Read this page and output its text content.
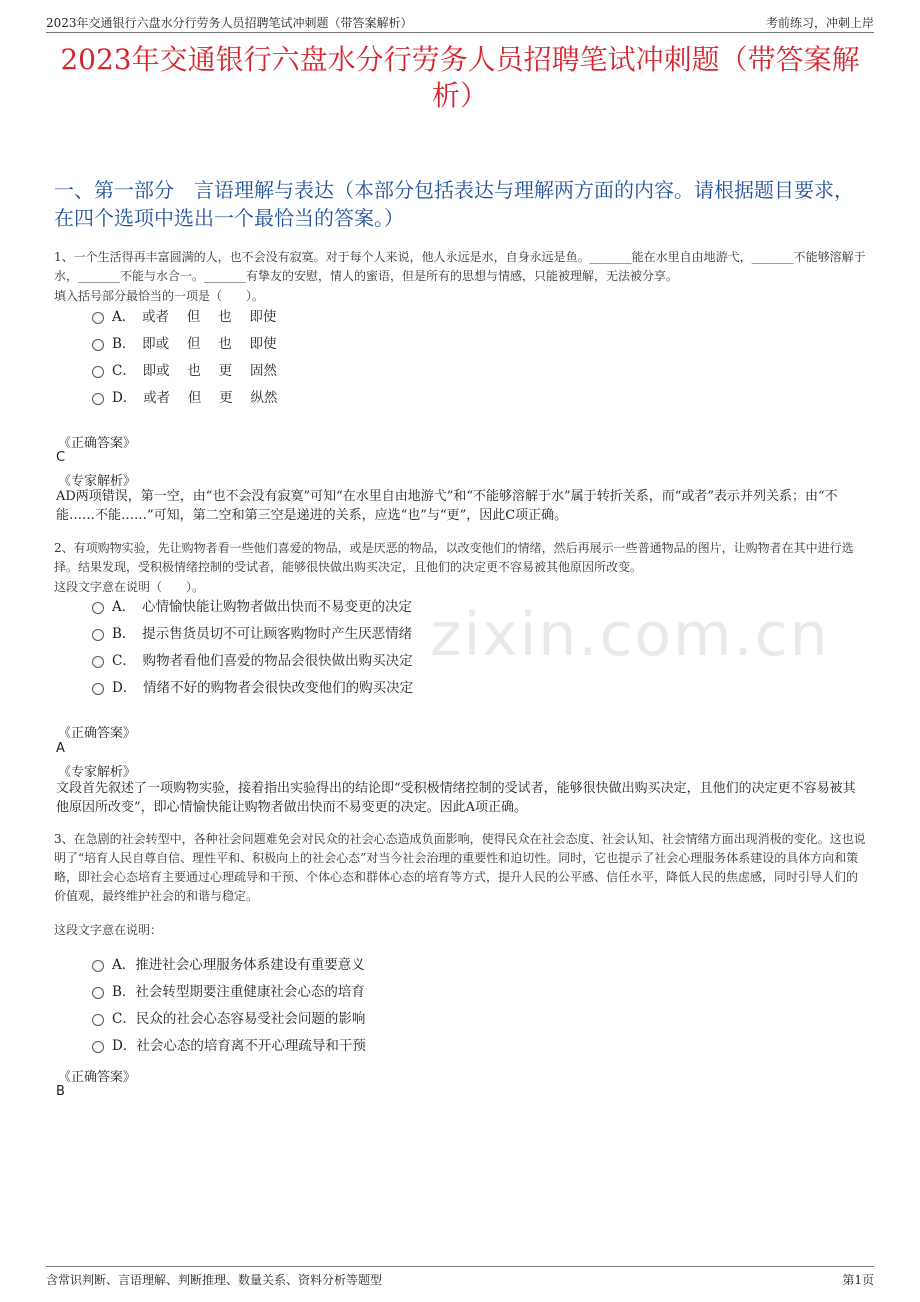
2023年交通银行六盘水分行劳务人员招聘笔试冲刺题（带答案解析）	考前练习，冲刺上岸
2023年交通银行六盘水分行劳务人员招聘笔试冲刺题（带答案解析）
一、第一部分　言语理解与表达（本部分包括表达与理解两方面的内容。请根据题目要求，在四个选项中选出一个最恰当的答案。）
zixin.com.cn
1、一个生活得再丰富圆满的人，也不会没有寂寞。对于每个人来说，他人永远是水，自身永远是鱼。_______能在水里自由地游弋，_______不能够溶解于水，_______不能与水合一。_______有挚友的安慰，情人的蜜语，但是所有的思想与情感，只能被理解，无法被分享。
填入括号部分最恰当的一项是（　　）。
A．　或者　 但　 也　 即使
B．　即或　 但　 也　 即使
C．　即或　 也　 更　 固然
D．　或者　 但　 更　 纵然
《正确答案》
C
《专家解析》
AD两项错误，第一空，由“也不会没有寂寞”可知“在水里自由地游弋”和“不能够溶解于水”属于转折关系，而“或者”表示并列关系；由“不能……不能……”可知，第二空和第三空是递进的关系，应选“也”与“更”，因此C项正确。
2、有项购物实验，先让购物者看一些他们喜爱的物品，或是厌恶的物品，以改变他们的情绪，然后再展示一些普通物品的图片，让购物者在其中进行选择。结果发现，受积极情绪控制的受试者，能够很快做出购买决定，且他们的决定更不容易被其他原因所改变。
这段文字意在说明（　　）。
A．　心情愉快能让购物者做出快而不易变更的决定
B．　提示售货员切不可让顾客购物时产生厌恶情绪
C．　购物者看他们喜爱的物品会很快做出购买决定
D．　情绪不好的购物者会很快改变他们的购买决定
《正确答案》
A
《专家解析》
文段首先叙述了一项购物实验，接着指出实验得出的结论即“受积极情绪控制的受试者，能够很快做出购买决定，且他们的决定更不容易被其他原因所改变”，即心情愉快能让购物者做出快而不易变更的决定。因此A项正确。
3、在急剧的社会转型中，各种社会问题难免会对民众的社会心态造成负面影响，使得民众在社会态度、社会认知、社会情绪方面出现消极的变化。这也说明了“培育人民自尊自信、理性平和、积极向上的社会心态”对当今社会治理的重要性和迫切性。同时，它也提示了社会心理服务体系建设的具体方向和策略，即社会心态培育主要通过心理疏导和干预、个体心态和群体心态的培育等方式，提升人民的公平感、信任水平，降低人民的焦虑感，同时引导人们的价值观，最终维护社会的和谐与稳定。
这段文字意在说明：
A．推进社会心理服务体系建设有重要意义
B．社会转型期要注重健康社会心态的培育
C．民众的社会心态容易受社会问题的影响
D．社会心态的培育离不开心理疏导和干预
《正确答案》
B
含常识判断、言语理解、判断推理、数量关系、资料分析等题型	第1页
